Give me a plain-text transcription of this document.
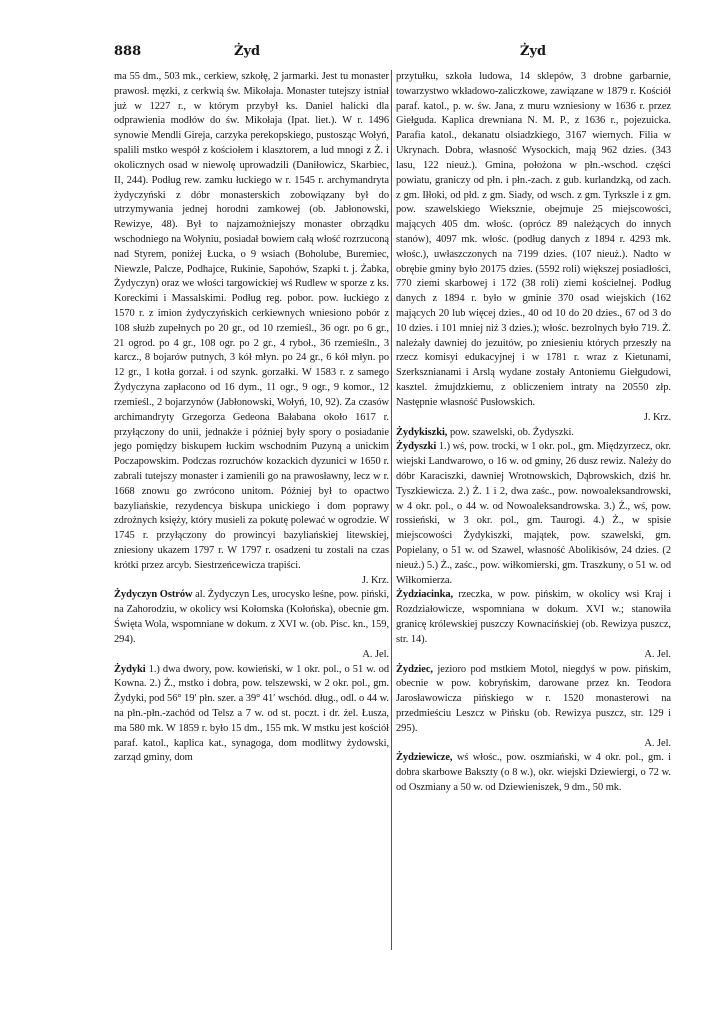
888	Żyd	Żyd

ma 55 dm., 503 mk., cerkiew, szkołę, 2 jarmarki. Jest tu monaster prawosł. męzki, z cerkwią św. Mikołaja. Monaster tutejszy istniał już w 1227 r., w którym przybył ks. Daniel halicki dla odprawienia modłów do św. Mikołaja (Ipat. liet.). W r. 1496 synowie Mendli Gireja, carzyka perekopskiego, pustosząc Wołyń, spalili mstko wespół z kościołem i klasztorem, a lud mnogi z Ż. i okolicznych osad w niewolę uprowadzili (Daniłowicz, Skarbiec, II, 244). Podług rew. zamku łuckiego w r. 1545 r. archymandryta żydyczyński z dóbr monasterskich zobowiązany był do utrzymywania jednej horodni zamkowej (ob. Jabłonowski, Rewizye, 48). Był to najzamożniejszy monaster obrządku wschodniego na Wołyniu, posiadał bowiem całą włość rozrzuconą nad Styrem, poniżej Łucka, o 9 wsiach (Boholube, Buremiec, Niewzle, Palcze, Podhajce, Rukinie, Sapohów, Szapki t. j. Żabka, Żydyczyn) oraz we włości targowickiej wś Rudlew w sporze z ks. Koreckimi i Massalskimi. Podług reg. pobor. pow. łuckiego z 1570 r. z imion żydyczyńskich cerkiewnych wniesiono pobór z 108 służb zupełnych po 20 gr., od 10 rzemieśl., 36 ogr. po 6 gr., 21 ogrod. po 4 gr., 108 ogr. po 2 gr., 4 ryboł., 36 rzemieśln., 3 karcz., 8 bojarów putnych, 3 kół młyn. po 24 gr., 6 kół młyn. po 12 gr., 1 kotła gorzał. i od szynk. gorzałki. W 1583 r. z samego Żydyczyna zapłacono od 16 dym., 11 ogr., 9 ogr., 9 komor., 12 rzemieśl., 2 bojarzynów (Jabłonowski, Wołyń, 10, 92). Za czasów archimandryty Grzegorza Gedeona Bałabana około 1617 r. przyłączony do unii, jednakże i później były spory o posiadanie jego pomiędzy biskupem łuckim wschodnim Puzyną a unickim Poczapowskim. Podczas rozruchów kozackich dyzunici w 1650 r. zabrali tutejszy monaster i zamienili go na prawosławny, lecz w r. 1668 znowu go zwrócono unitom. Później był to opactwo bazyliańskie, rezydencya biskupa unickiego i dom poprawy zdrożnych księży, który musieli za pokutę polewać w ogrodzie. W 1745 r. przyłączony do prowincyi bazyliańskiej litewskiej, zniesiony ukazem 1797 r. W 1797 r. osadzeni tu zostali na czas krótki przez arcyb. Siestrzeńcewicza trapiści.
J. Krz.

Żydyczyn Ostrów al. Żydyczyn Les, urocysko leśne, pow. piński, na Zahorodziu, w okolicy wsi Kołomska (Kołońska), obecnie gm. Święta Wola, wspomniane w dokum. z XVI w. (ob. Pisc. kn., 159, 294).
A. Jel.

Żydyki 1.) dwa dwory, pow. kowieński, w 1 okr. pol., o 51 w. od Kowna. 2.) Ż., mstko i dobra, pow. telszewski, w 2 okr. pol., gm. Żydyki, pod 56° 19′ płn. szer. a 39° 41′ wschód. dług., odl. o 44 w. na płn.-płn.-zachód od Telsz a 7 w. od st. poczt. i dr. żel. Łusza, ma 580 mk. W 1859 r. było 15 dm., 155 mk. W mstku jest kościół paraf. katol., kaplica kat., synagoga, dom modlitwy żydowski, zarząd gminy, dom

przytułku, szkoła ludowa, 14 sklepów, 3 drobne garbarnie, towarzystwo wkładowo-zaliczkowe, zawiązane w 1879 r. Kościół paraf. katol., p. w. św. Jana, z muru wzniesiony w 1636 r. przez Giełguda. Kaplica drewniana N. M. P., z 1636 r., pojezuicka. Parafia katol., dekanatu olsiadzkiego, 3167 wiernych. Filia w Ukrynach. Dobra, własność Wysockich, mają 962 dzies. (343 lasu, 122 nieuż.). Gmina, położona w płn.-wschod. części powiatu, graniczy od płn. i płn.-zach. z gub. kurlandzką, od zach. z gm. Iłłoki, od płd. z gm. Siady, od wsch. z gm. Tyrkszle i z gm. pow. szawelskiego Wieksznie, obejmuje 25 miejscowości, mających 405 dm. włośc. (oprócz 89 należących do innych stanów), 4097 mk. włośc. (podług danych z 1894 r. 4293 mk. włośc.), uwłaszczonych na 7199 dzies. (107 nieuż.). Nadto w obrębie gminy było 20175 dzies. (5592 roli) większej posiadłości, 770 ziemi skarbowej i 172 (38 roli) ziemi kościelnej. Podług danych z 1894 r. było w gminie 370 osad wiejskich (162 mających 20 lub więcej dzies., 40 od 10 do 20 dzies., 67 od 3 do 10 dzies. i 101 mniej niż 3 dzies.); włośc. bezrolnych było 719. Ż. należały dawniej do jezuitów, po zniesieniu których przeszły na rzecz komisyi edukacyjnej i w 1781 r. wraz z Kietunami, Szerksznianami i Arslą wydane zostały Antoniemu Giełgudowi, kasztel. żmujdzkiemu, z obliczeniem intraty na 20550 złp. Następnie własność Pusłowskich.
J. Krz.

Żydykiszki, pow. szawelski, ob. Żydyszki.

Żydyszki 1.) wś, pow. trocki, w 1 okr. pol., gm. Międzyrzecz, okr. wiejski Landwarowo, o 16 w. od gminy, 26 dusz rewiz. Należy do dóbr Karaciszki, dawniej Wrotnowskich, Dąbrowskich, dziś hr. Tyszkiewicza. 2.) Ż. 1 i 2, dwa zaśc., pow. nowoaleksandrowski, w 4 okr. pol., o 44 w. od Nowoaleksandrowska. 3.) Ż., wś, pow. rossieński, w 3 okr. pol., gm. Taurogi. 4.) Ż., w spisie miejscowości Żydykiszki, majątek, pow. szawelski, gm. Popielany, o 51 w. od Szawel, własność Abolikisów, 24 dzies. (2 nieuż.) 5.) Ż., zaśc., pow. wiłkomierski, gm. Traszkuny, o 51 w. od Wiłkomierza.

Żydziacinka, rzeczka, w pow. pińskim, w okolicy wsi Kraj i Rozdziałowicze, wspomniana w dokum. XVI w.; stanowiła granicę królewskiej puszczy Kownacińskiej (ob. Rewizya puszcz, str. 14).
A. Jel.

Żydziec, jezioro pod mstkiem Motol, niegdyś w pow. pińskim, obecnie w pow. kobryńskim, darowane przez kn. Teodora Jarosławowicza pińskiego w r. 1520 monasterowi na przedmieściu Leszcz w Pińsku (ob. Rewizya puszcz, str. 129 i 295).
A. Jel.

Żydziewicze, wś włośc., pow. oszmiański, w 4 okr. pol., gm. i dobra skarbowe Bakszty (o 8 w.), okr. wiejski Dziewiergi, o 72 w. od Oszmiany a 50 w. od Dziewieniszek, 9 dm., 50 mk.
